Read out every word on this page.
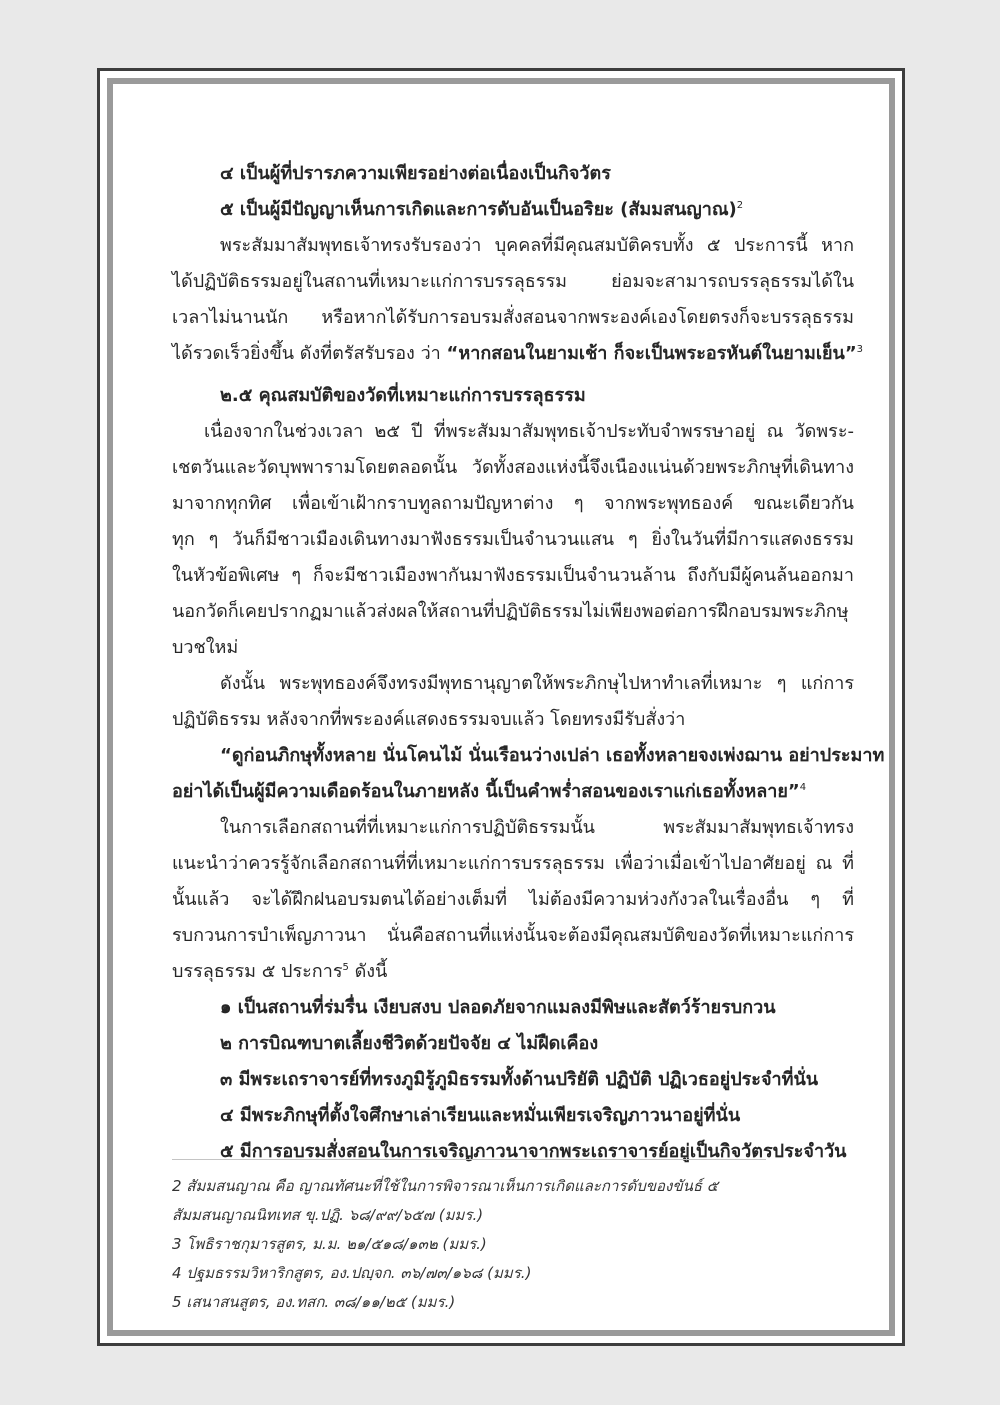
๔ เป็นผู้ที่ปรารภความเพียรอย่างต่อเนื่องเป็นกิจวัตร
๕ เป็นผู้มีปัญญาเห็นการเกิดและการดับอันเป็นอริยะ (สัมมสนญาณ)$^2$
พระสัมมาสัมพุทธเจ้าทรงรับรองว่า บุคคลที่มีคุณสมบัติครบทั้ง ๕ ประการนี้ หาก
ได้ปฏิบัติธรรมอยู่ในสถานที่เหมาะแก่การบรรลุธรรม ย่อมจะสามารถบรรลุธรรมได้ใน
เวลาไม่นานนัก หรือหากได้รับการอบรมสั่งสอนจากพระองค์เองโดยตรงก็จะบรรลุธรรม
ได้รวดเร็วยิ่งขึ้น ดังที่ตรัสรับรอง ว่า “หากสอนในยามเช้า ก็จะเป็นพระอรหันต์ในยามเย็น”$^3$
๒.๕ คุณสมบัติของวัดที่เหมาะแก่การบรรลุธรรม
เนื่องจากในช่วงเวลา ๒๕ ปี ที่พระสัมมาสัมพุทธเจ้าประทับจำพรรษาอยู่ ณ วัดพระ-
เชตวันและวัดบุพพารามโดยตลอดนั้น วัดทั้งสองแห่งนี้จึงเนืองแน่นด้วยพระภิกษุที่เดินทาง
มาจากทุกทิศ เพื่อเข้าเฝ้ากราบทูลถามปัญหาต่าง ๆ จากพระพุทธองค์ ขณะเดียวกัน
ทุก ๆ วันก็มีชาวเมืองเดินทางมาฟังธรรมเป็นจำนวนแสน ๆ ยิ่งในวันที่มีการแสดงธรรม
ในหัวข้อพิเศษ ๆ ก็จะมีชาวเมืองพากันมาฟังธรรมเป็นจำนวนล้าน ถึงกับมีผู้คนล้นออกมา
นอกวัดก็เคยปรากฏมาแล้วส่งผลให้สถานที่ปฏิบัติธรรมไม่เพียงพอต่อการฝึกอบรมพระภิกษุ
บวชใหม่
ดังนั้น พระพุทธองค์จึงทรงมีพุทธานุญาตให้พระภิกษุไปหาทำเลที่เหมาะ ๆ แก่การ
ปฏิบัติธรรม หลังจากที่พระองค์แสดงธรรมจบแล้ว โดยทรงมีรับสั่งว่า
“ดูก่อนภิกษุทั้งหลาย นั่นโคนไม้ นั่นเรือนว่างเปล่า เธอทั้งหลายจงเพ่งฌาน อย่าประมาท
อย่าได้เป็นผู้มีความเดือดร้อนในภายหลัง นี้เป็นคำพร่ำสอนของเราแก่เธอทั้งหลาย”$^4$
ในการเลือกสถานที่ที่เหมาะแก่การปฏิบัติธรรมนั้น พระสัมมาสัมพุทธเจ้าทรง
แนะนำว่าควรรู้จักเลือกสถานที่ที่เหมาะแก่การบรรลุธรรม เพื่อว่าเมื่อเข้าไปอาศัยอยู่ ณ ที่
นั้นแล้ว จะได้ฝึกฝนอบรมตนได้อย่างเต็มที่ ไม่ต้องมีความห่วงกังวลในเรื่องอื่น ๆ ที่
รบกวนการบำเพ็ญภาวนา นั่นคือสถานที่แห่งนั้นจะต้องมีคุณสมบัติของวัดที่เหมาะแก่การ
บรรลุธรรม ๕ ประการ$^5$ ดังนี้
๑ เป็นสถานที่ร่มรื่น เงียบสงบ ปลอดภัยจากแมลงมีพิษและสัตว์ร้ายรบกวน
๒ การบิณฑบาตเลี้ยงชีวิตด้วยปัจจัย ๔ ไม่ฝืดเคือง
๓ มีพระเถราจารย์ที่ทรงภูมิรู้ภูมิธรรมทั้งด้านปริยัติ ปฏิบัติ ปฏิเวธอยู่ประจำที่นั่น
๔ มีพระภิกษุที่ตั้งใจศึกษาเล่าเรียนและหมั่นเพียรเจริญภาวนาอยู่ที่นั่น
๕ มีการอบรมสั่งสอนในการเจริญภาวนาจากพระเถราจารย์อยู่เป็นกิจวัตรประจำวัน
2 สัมมสนญาณ คือ ญาณทัศนะที่ใช้ในการพิจารณาเห็นการเกิดและการดับของขันธ์ ๕
สัมมสนญาณนิทเทส ขุ.ปฏิ. ๖๘/๙๙/๖๕๗ (มมร.)
3 โพธิราชกุมารสูตร, ม.ม. ๒๑/๕๑๘/๑๓๒ (มมร.)
4 ปฐมธรรมวิหาริกสูตร, อง.ปญฺจก. ๓๖/๗๓/๑๖๘ (มมร.)
5 เสนาสนสูตร, อง.ทสก. ๓๘/๑๑/๒๕ (มมร.)
